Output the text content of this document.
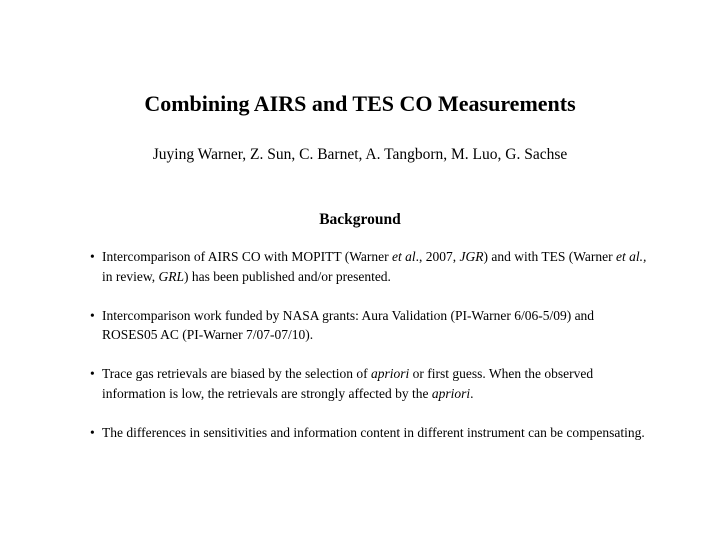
Combining AIRS and TES CO Measurements
Juying Warner, Z. Sun, C. Barnet, A. Tangborn, M. Luo, G. Sachse
Background
• Intercomparison of AIRS CO with MOPITT (Warner et al., 2007, JGR) and with TES (Warner et al., in review, GRL) has been published and/or presented.
• Intercomparison work funded by NASA grants: Aura Validation (PI-Warner 6/06-5/09) and ROSES05 AC (PI-Warner 7/07-07/10).
• Trace gas retrievals are biased by the selection of apriori or first guess. When the observed information is low, the retrievals are strongly affected by the apriori.
• The differences in sensitivities and information content in different instrument can be compensating.
